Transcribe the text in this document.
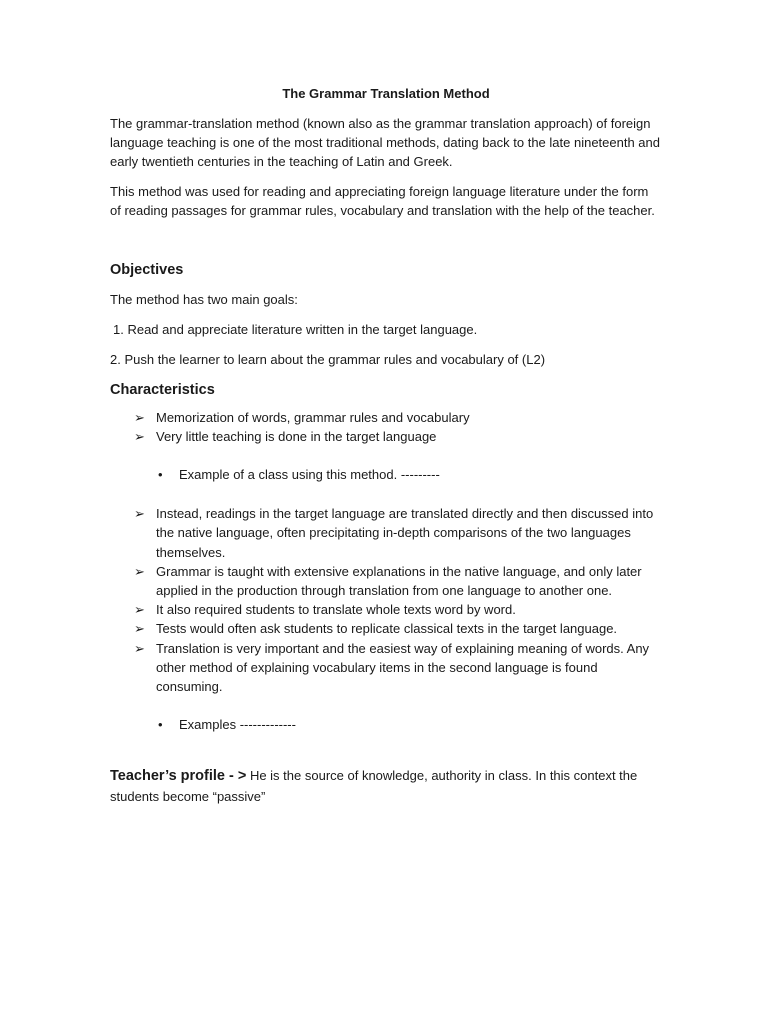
The Grammar Translation Method

The grammar-translation method (known also as the grammar translation approach) of foreign language teaching is one of the most traditional methods, dating back to the late nineteenth and early twentieth centuries in the teaching of Latin and Greek.

This method was used for reading and appreciating foreign language literature under the form of reading passages for grammar rules, vocabulary and translation with the help of the teacher.

Objectives

The method has two main goals:

1. Read and appreciate literature written in the target language.

2. Push the learner to learn about the grammar rules and vocabulary of (L2)

Characteristics
➢ Memorization of words, grammar rules and vocabulary
➢ Very little teaching is done in the target language
• Example of a class using this method. ---------
➢ Instead, readings in the target language are translated directly and then discussed into the native language, often precipitating in-depth comparisons of the two languages themselves.
➢ Grammar is taught with extensive explanations in the native language, and only later applied in the production through translation from one language to another one.
➢ It also required students to translate whole texts word by word.
➢ Tests would often ask students to replicate classical texts in the target language.
➢ Translation is very important and the easiest way of explaining meaning of words. Any other method of explaining vocabulary items in the second language is found consuming.
• Examples -------------

Teacher’s profile - > He is the source of knowledge, authority in class. In this context the students become “passive”
